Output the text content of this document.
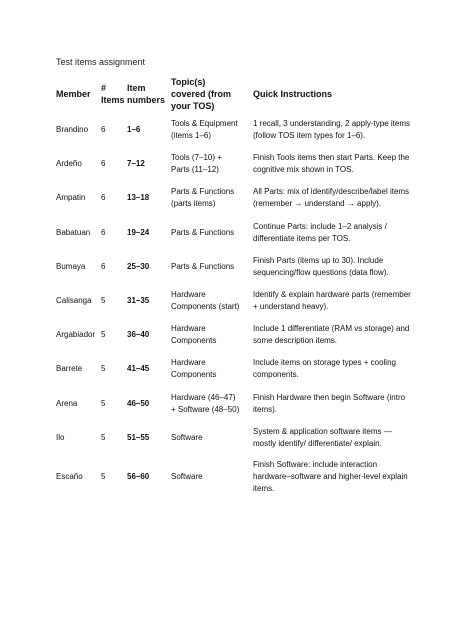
Test items assignment
Member	# Items	Item numbers	Topic(s) covered (from your TOS)	Quick Instructions
Brandino	6	1–6	Tools & Equipment (items 1–6)	1 recall, 3 understanding, 2 apply-type items (follow TOS item types for 1–6).
Ardeño	6	7–12	Tools (7–10) + Parts (11–12)	Finish Tools items then start Parts. Keep the cognitive mix shown in TOS.
Ampatin	6	13–18	Parts & Functions (parts items)	All Parts: mix of identify/describe/label items (remember → understand → apply).
Babatuan	6	19–24	Parts & Functions	Continue Parts: include 1–2 analysis / differentiate items per TOS.
Bumaya	6	25–30	Parts & Functions	Finish Parts (items up to 30). Include sequencing/flow questions (data flow).
Calisanga	5	31–35	Hardware Components (start)	Identify & explain hardware parts (remember + understand heavy).
Argabiador	5	36–40	Hardware Components	Include 1 differentiate (RAM vs storage) and some description items.
Barrete	5	41–45	Hardware Components	Include items on storage types + cooling components.
Arena	5	46–50	Hardware (46–47) + Software (48–50)	Finish Hardware then begin Software (intro items).
Ilo	5	51–55	Software	System & application software items — mostly identify/ differentiate/ explain.
Escaño	5	56–60	Software	Finish Software: include interaction hardware–software and higher-level explain items.
